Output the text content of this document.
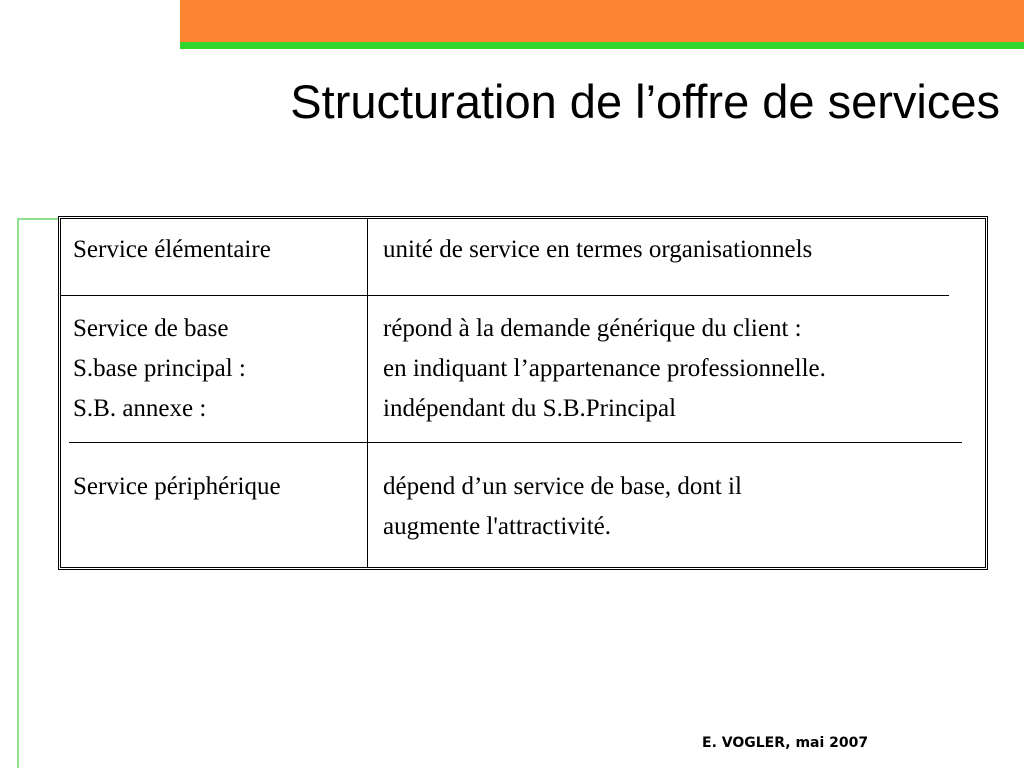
Structuration de l’offre de services
Service élémentaire	unité de service en termes organisationnels
Service de base
S.base principal :
S.B. annexe :
répond à la demande générique du client :
en indiquant l’appartenance professionnelle.
indépendant du S.B.Principal
Service périphérique	dépend d’un service de base, dont il
augmente l'attractivité.
E. VOGLER, mai 2007
